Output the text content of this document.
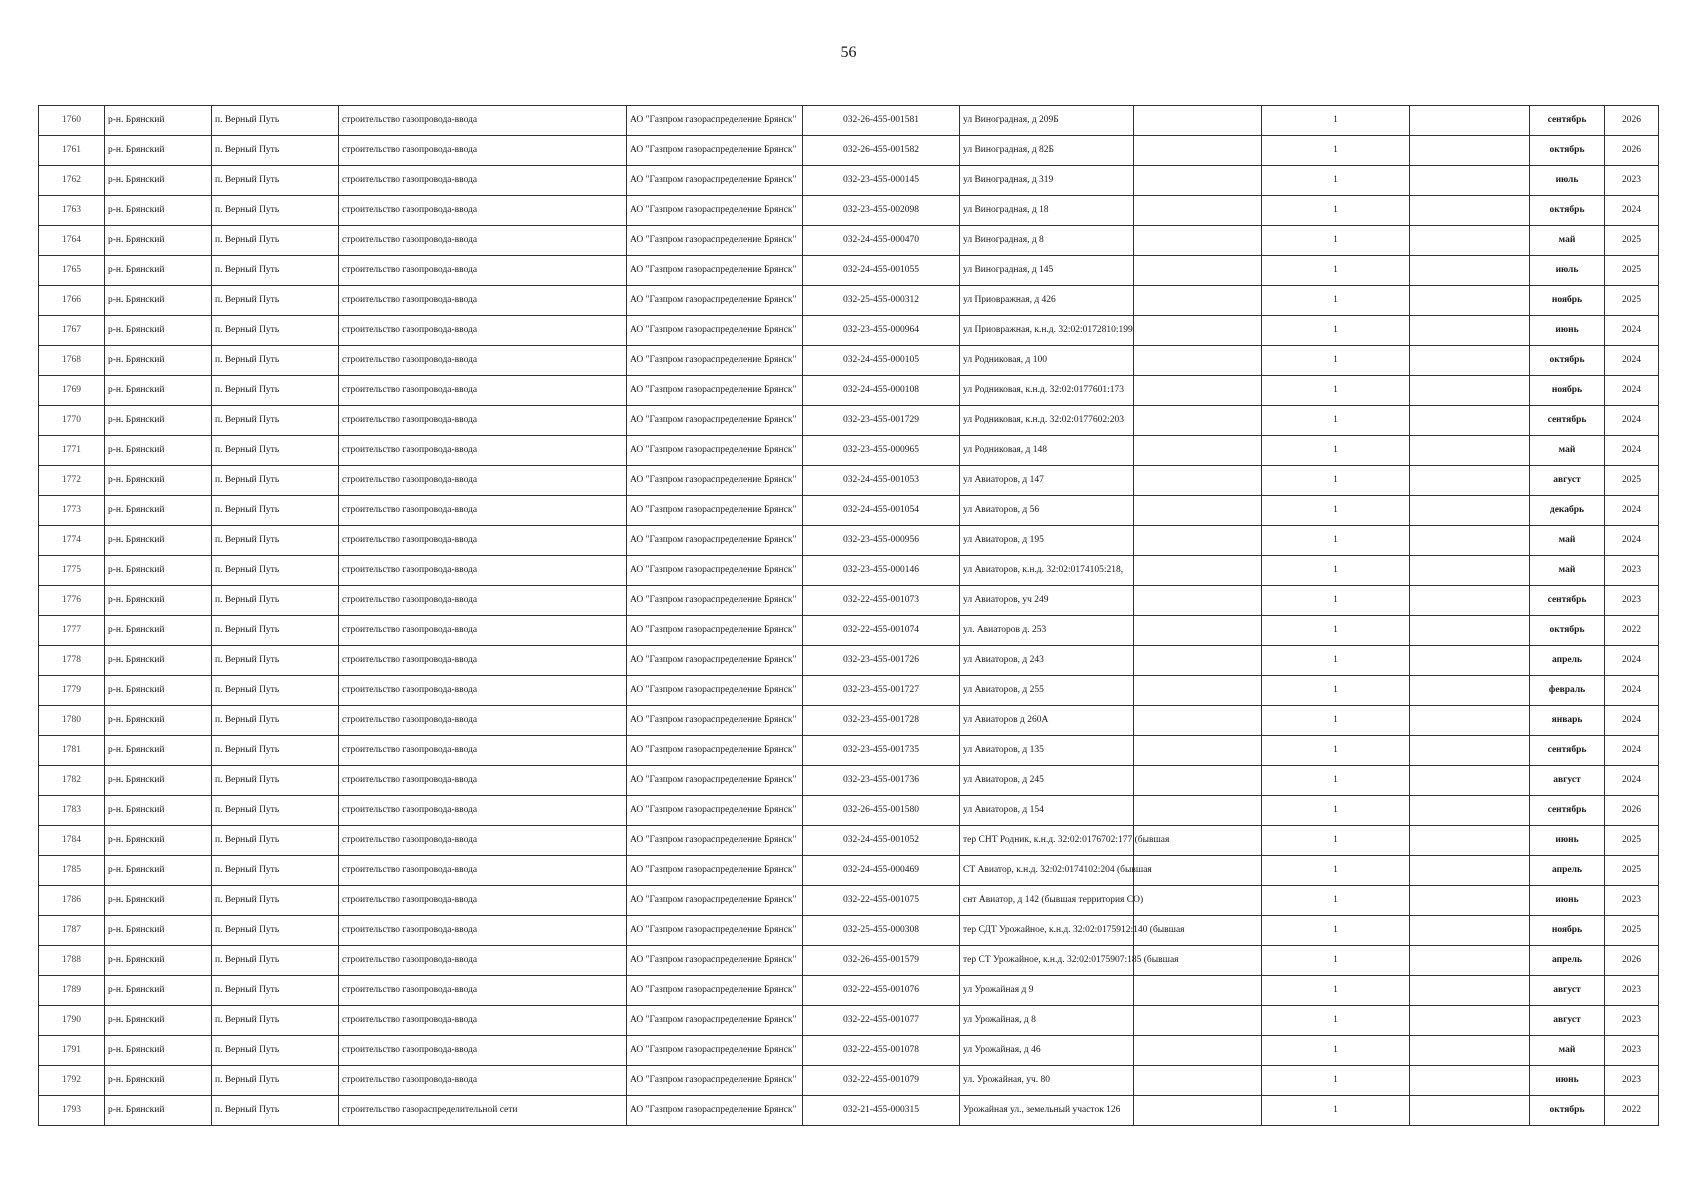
56
1760	р-н. Брянский	п. Верный Путь	строительство газопровода-ввода	АО "Газпром газораспределение Брянск"	032-26-455-001581	ул Виноградная, д 209Б		1		сентябрь	2026
1761	р-н. Брянский	п. Верный Путь	строительство газопровода-ввода	АО "Газпром газораспределение Брянск"	032-26-455-001582	ул Виноградная, д 82Б		1		октябрь	2026
1762	р-н. Брянский	п. Верный Путь	строительство газопровода-ввода	АО "Газпром газораспределение Брянск"	032-23-455-000145	ул Виноградная, д 319		1		июль	2023
1763	р-н. Брянский	п. Верный Путь	строительство газопровода-ввода	АО "Газпром газораспределение Брянск"	032-23-455-002098	ул Виноградная, д 18		1		октябрь	2024
1764	р-н. Брянский	п. Верный Путь	строительство газопровода-ввода	АО "Газпром газораспределение Брянск"	032-24-455-000470	ул Виноградная, д 8		1		май	2025
1765	р-н. Брянский	п. Верный Путь	строительство газопровода-ввода	АО "Газпром газораспределение Брянск"	032-24-455-001055	ул Виноградная, д 145		1		июль	2025
1766	р-н. Брянский	п. Верный Путь	строительство газопровода-ввода	АО "Газпром газораспределение Брянск"	032-25-455-000312	ул Приовражная, д 426		1		ноябрь	2025
1767	р-н. Брянский	п. Верный Путь	строительство газопровода-ввода	АО "Газпром газораспределение Брянск"	032-23-455-000964	ул Приовражная, к.н.д. 32:02:0172810:199		1		июнь	2024
1768	р-н. Брянский	п. Верный Путь	строительство газопровода-ввода	АО "Газпром газораспределение Брянск"	032-24-455-000105	ул Родниковая, д 100		1		октябрь	2024
1769	р-н. Брянский	п. Верный Путь	строительство газопровода-ввода	АО "Газпром газораспределение Брянск"	032-24-455-000108	ул Родниковая, к.н.д. 32:02:0177601:173		1		ноябрь	2024
1770	р-н. Брянский	п. Верный Путь	строительство газопровода-ввода	АО "Газпром газораспределение Брянск"	032-23-455-001729	ул Родниковая, к.н.д. 32:02:0177602:203		1		сентябрь	2024
1771	р-н. Брянский	п. Верный Путь	строительство газопровода-ввода	АО "Газпром газораспределение Брянск"	032-23-455-000965	ул Родниковая, д 148		1		май	2024
1772	р-н. Брянский	п. Верный Путь	строительство газопровода-ввода	АО "Газпром газораспределение Брянск"	032-24-455-001053	ул Авиаторов, д 147		1		август	2025
1773	р-н. Брянский	п. Верный Путь	строительство газопровода-ввода	АО "Газпром газораспределение Брянск"	032-24-455-001054	ул Авиаторов, д 56		1		декабрь	2024
1774	р-н. Брянский	п. Верный Путь	строительство газопровода-ввода	АО "Газпром газораспределение Брянск"	032-23-455-000956	ул Авиаторов, д 195		1		май	2024
1775	р-н. Брянский	п. Верный Путь	строительство газопровода-ввода	АО "Газпром газораспределение Брянск"	032-23-455-000146	ул Авиаторов, к.н.д. 32:02:0174105:218,		1		май	2023
1776	р-н. Брянский	п. Верный Путь	строительство газопровода-ввода	АО "Газпром газораспределение Брянск"	032-22-455-001073	ул Авиаторов, уч 249		1		сентябрь	2023
1777	р-н. Брянский	п. Верный Путь	строительство газопровода-ввода	АО "Газпром газораспределение Брянск"	032-22-455-001074	ул. Авиаторов д. 253		1		октябрь	2022
1778	р-н. Брянский	п. Верный Путь	строительство газопровода-ввода	АО "Газпром газораспределение Брянск"	032-23-455-001726	ул Авиаторов, д 243		1		апрель	2024
1779	р-н. Брянский	п. Верный Путь	строительство газопровода-ввода	АО "Газпром газораспределение Брянск"	032-23-455-001727	ул Авиаторов, д 255		1		февраль	2024
1780	р-н. Брянский	п. Верный Путь	строительство газопровода-ввода	АО "Газпром газораспределение Брянск"	032-23-455-001728	ул Авиаторов д 260А		1		январь	2024
1781	р-н. Брянский	п. Верный Путь	строительство газопровода-ввода	АО "Газпром газораспределение Брянск"	032-23-455-001735	ул Авиаторов, д 135		1		сентябрь	2024
1782	р-н. Брянский	п. Верный Путь	строительство газопровода-ввода	АО "Газпром газораспределение Брянск"	032-23-455-001736	ул Авиаторов, д 245		1		август	2024
1783	р-н. Брянский	п. Верный Путь	строительство газопровода-ввода	АО "Газпром газораспределение Брянск"	032-26-455-001580	ул Авиаторов, д 154		1		сентябрь	2026
1784	р-н. Брянский	п. Верный Путь	строительство газопровода-ввода	АО "Газпром газораспределение Брянск"	032-24-455-001052	тер СНТ Родник, к.н.д. 32:02:0176702:177 (бывшая		1		июнь	2025
1785	р-н. Брянский	п. Верный Путь	строительство газопровода-ввода	АО "Газпром газораспределение Брянск"	032-24-455-000469	СТ Авиатор, к.н.д. 32:02:0174102:204 (бывшая		1		апрель	2025
1786	р-н. Брянский	п. Верный Путь	строительство газопровода-ввода	АО "Газпром газораспределение Брянск"	032-22-455-001075	снт Авиатор, д 142 (бывшая территория СО)		1		июнь	2023
1787	р-н. Брянский	п. Верный Путь	строительство газопровода-ввода	АО "Газпром газораспределение Брянск"	032-25-455-000308	тер СДТ Урожайное, к.н.д. 32:02:0175912:140 (бывшая		1		ноябрь	2025
1788	р-н. Брянский	п. Верный Путь	строительство газопровода-ввода	АО "Газпром газораспределение Брянск"	032-26-455-001579	тер СТ Урожайное, к.н.д. 32:02:0175907:185 (бывшая		1		апрель	2026
1789	р-н. Брянский	п. Верный Путь	строительство газопровода-ввода	АО "Газпром газораспределение Брянск"	032-22-455-001076	ул Урожайная д 9		1		август	2023
1790	р-н. Брянский	п. Верный Путь	строительство газопровода-ввода	АО "Газпром газораспределение Брянск"	032-22-455-001077	ул Урожайная, д 8		1		август	2023
1791	р-н. Брянский	п. Верный Путь	строительство газопровода-ввода	АО "Газпром газораспределение Брянск"	032-22-455-001078	ул Урожайная, д 46		1		май	2023
1792	р-н. Брянский	п. Верный Путь	строительство газопровода-ввода	АО "Газпром газораспределение Брянск"	032-22-455-001079	ул. Урожайная, уч. 80		1		июнь	2023
1793	р-н. Брянский	п. Верный Путь	строительство газораспределительной сети	АО "Газпром газораспределение Брянск"	032-21-455-000315	Урожайная ул., земельный участок 126		1		октябрь	2022
